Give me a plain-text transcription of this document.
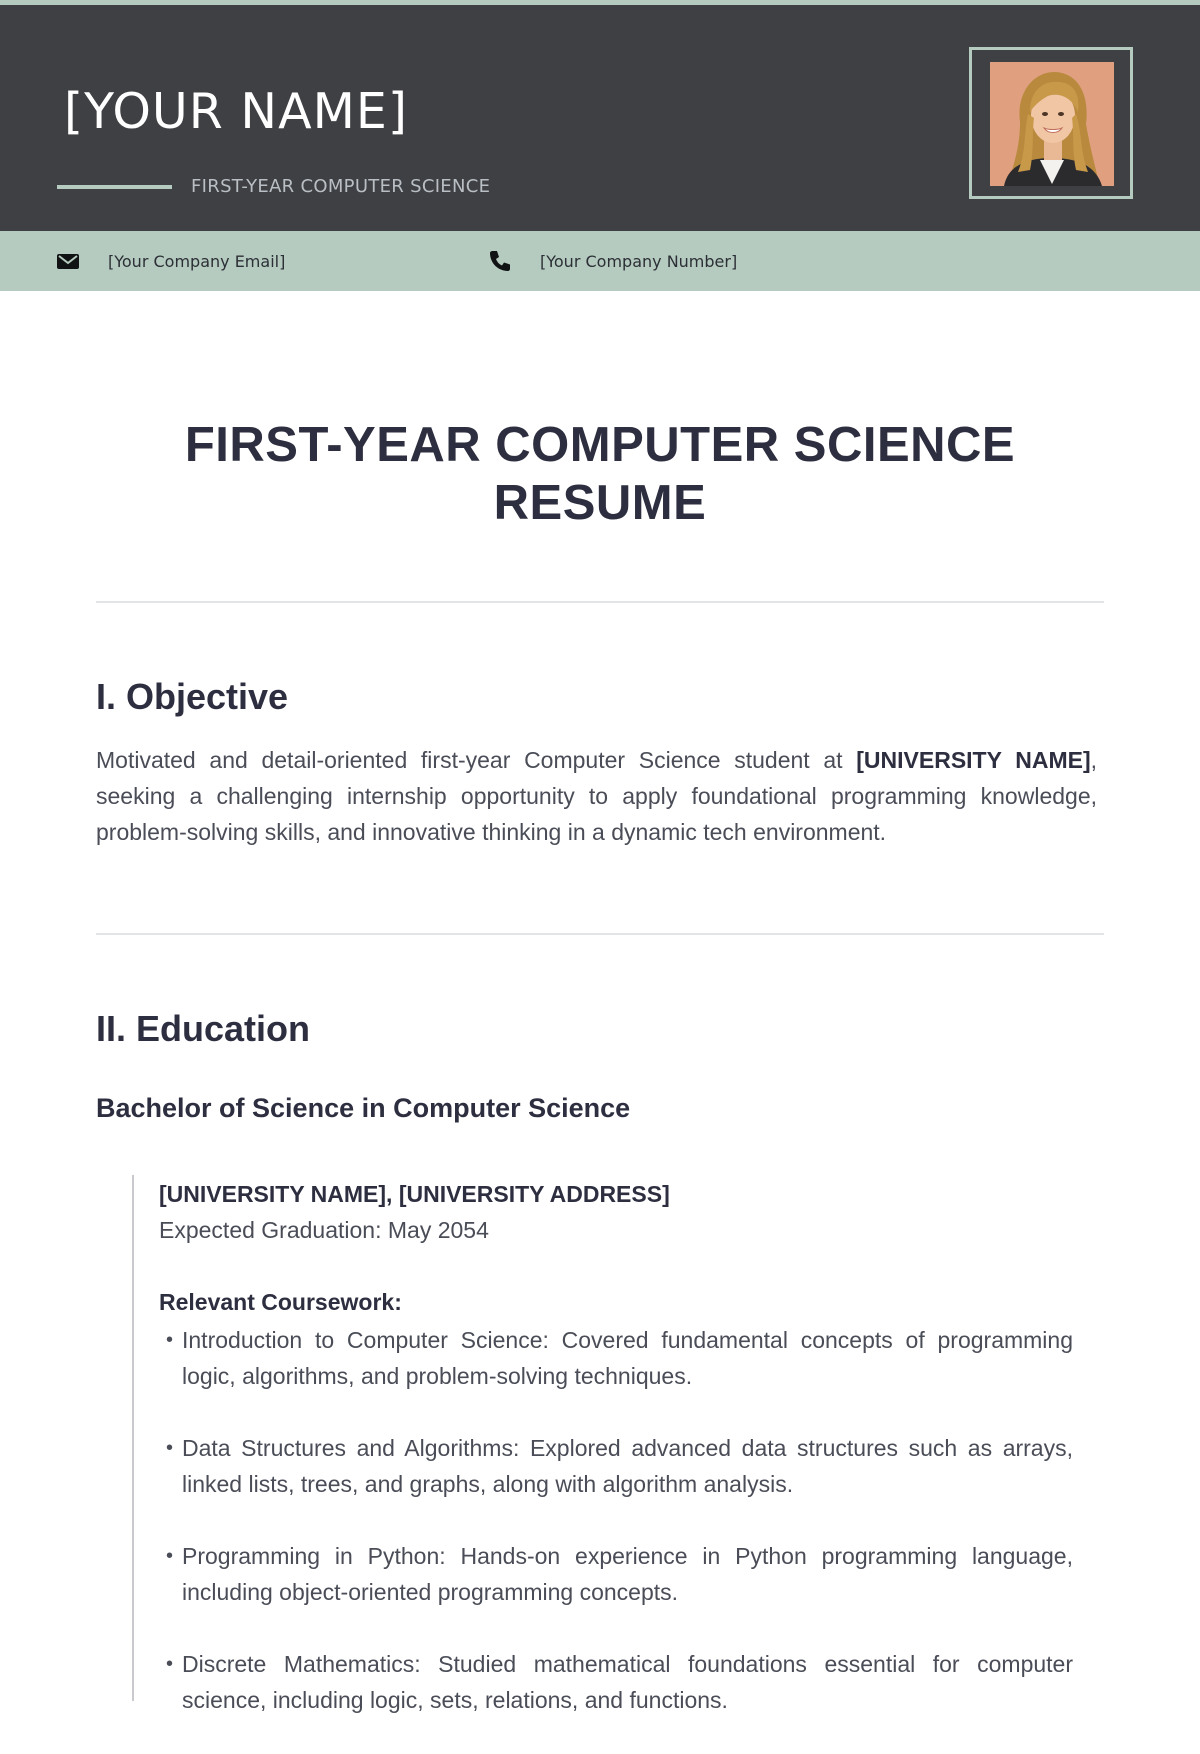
[YOUR NAME]
FIRST-YEAR COMPUTER SCIENCE
[Your Company Email]	[Your Company Number]
FIRST-YEAR COMPUTER SCIENCE
RESUME
I. Objective
Motivated and detail-oriented first-year Computer Science student at [UNIVERSITY NAME], seeking a challenging internship opportunity to apply foundational programming knowledge, problem-solving skills, and innovative thinking in a dynamic tech environment.
II. Education
Bachelor of Science in Computer Science
[UNIVERSITY NAME], [UNIVERSITY ADDRESS]
Expected Graduation: May 2054
Relevant Coursework:
• Introduction to Computer Science: Covered fundamental concepts of programming logic, algorithms, and problem-solving techniques.
• Data Structures and Algorithms: Explored advanced data structures such as arrays, linked lists, trees, and graphs, along with algorithm analysis.
• Programming in Python: Hands-on experience in Python programming language, including object-oriented programming concepts.
• Discrete Mathematics: Studied mathematical foundations essential for computer science, including logic, sets, relations, and functions.
